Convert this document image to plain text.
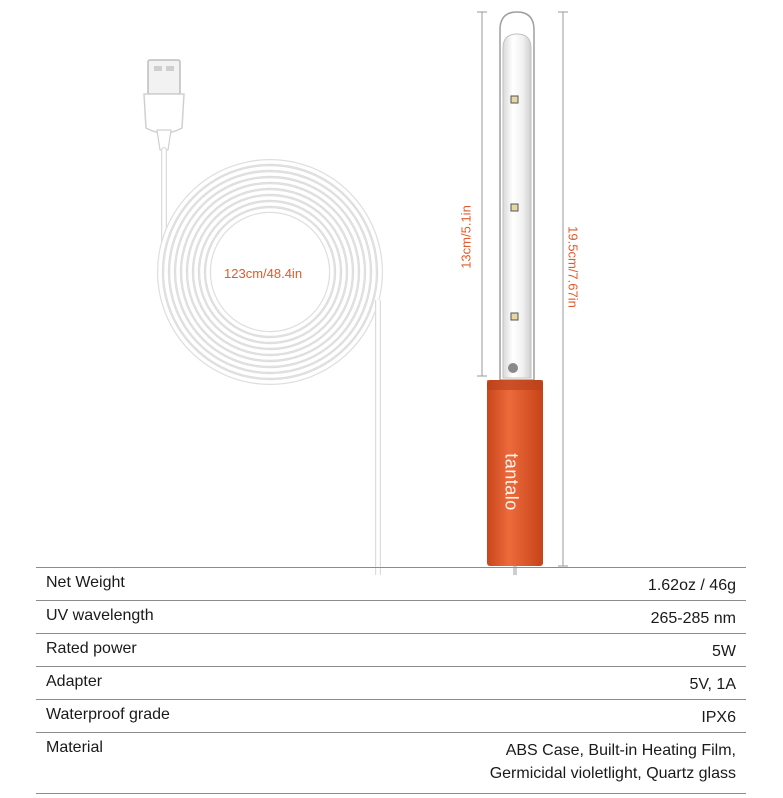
123cm/48.4in
13cm/5.1in	19.5cm/7.67in
tantalo
Net Weight	1.62oz / 46g
UV wavelength	265-285 nm
Rated power	5W
Adapter	5V, 1A
Waterproof grade	IPX6
Material	ABS Case, Built-in Heating Film,
Germicidal violetlight, Quartz glass
